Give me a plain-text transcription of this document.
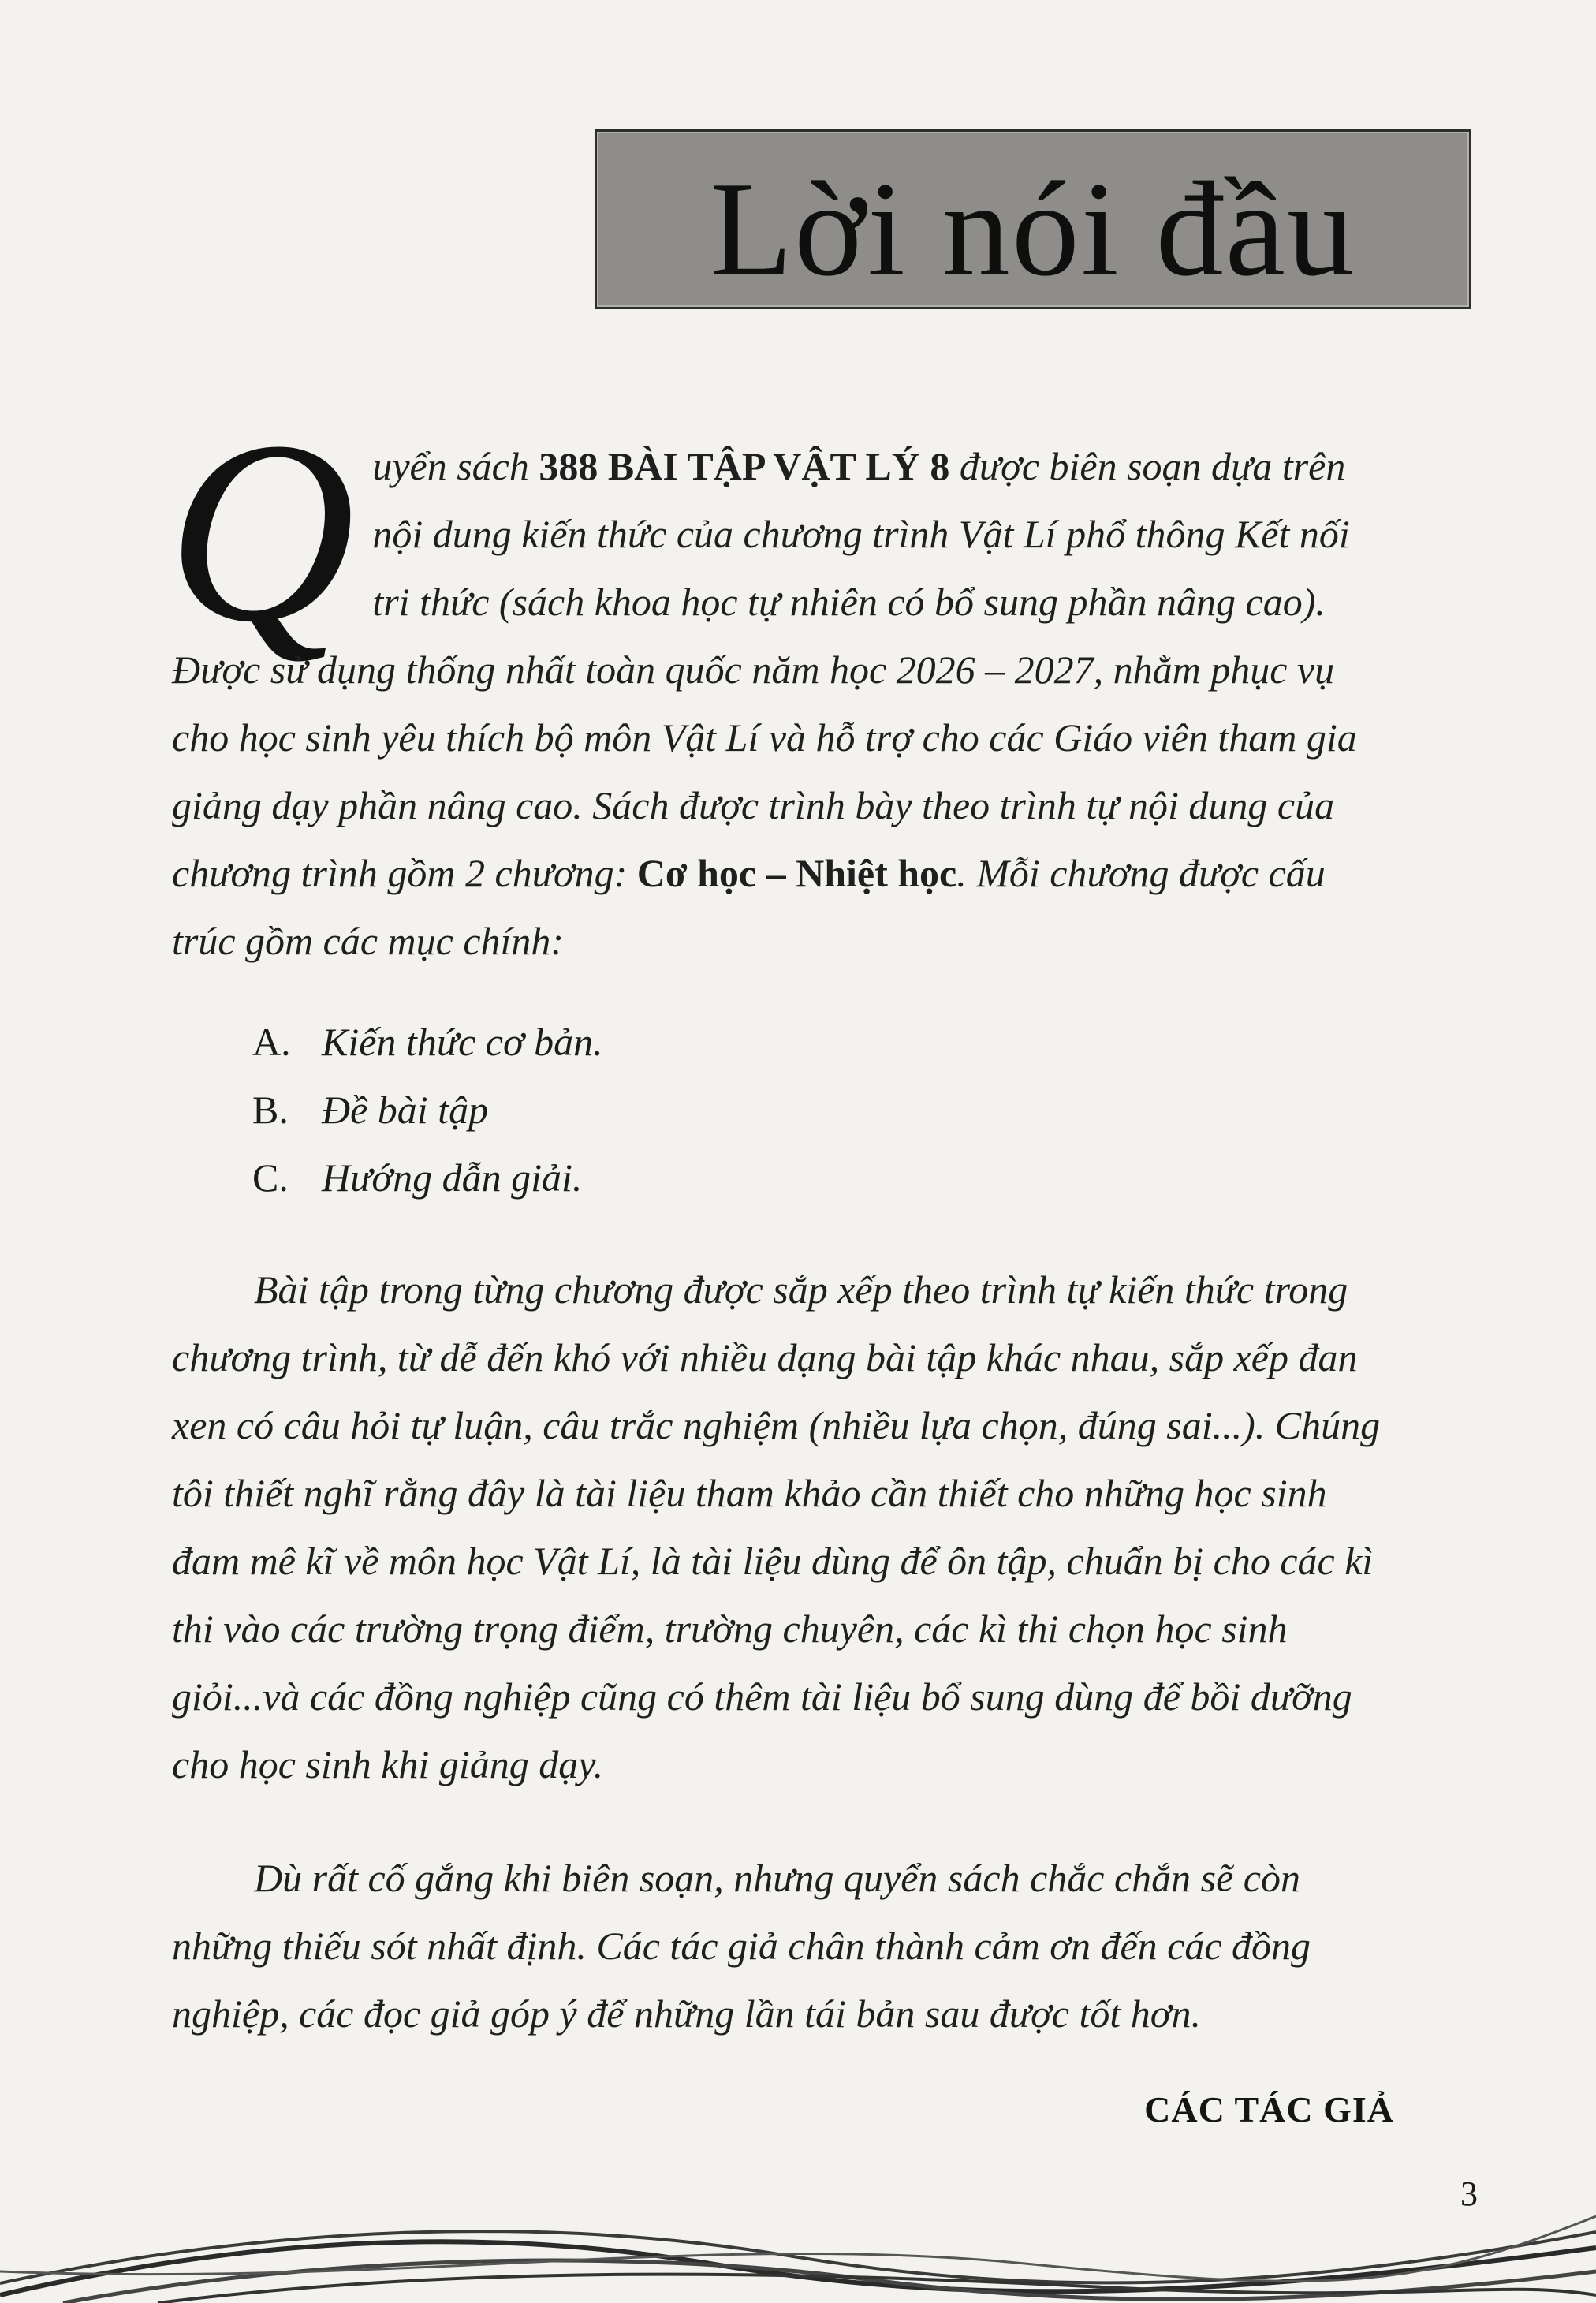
Lời nói đầu
Quyển sách 388 BÀI TẬP VẬT LÝ 8 được biên soạn dựa trên nội dung kiến thức của chương trình Vật Lí phổ thông Kết nối tri thức (sách khoa học tự nhiên có bổ sung phần nâng cao). Được sử dụng thống nhất toàn quốc năm học 2026 – 2027, nhằm phục vụ cho học sinh yêu thích bộ môn Vật Lí và hỗ trợ cho các Giáo viên tham gia giảng dạy phần nâng cao. Sách được trình bày theo trình tự nội dung của chương trình gồm 2 chương: Cơ học – Nhiệt học. Mỗi chương được cấu trúc gồm các mục chính:
A. Kiến thức cơ bản.
B. Đề bài tập
C. Hướng dẫn giải.
Bài tập trong từng chương được sắp xếp theo trình tự kiến thức trong chương trình, từ dễ đến khó với nhiều dạng bài tập khác nhau, sắp xếp đan xen có câu hỏi tự luận, câu trắc nghiệm (nhiều lựa chọn, đúng sai...). Chúng tôi thiết nghĩ rằng đây là tài liệu tham khảo cần thiết cho những học sinh đam mê kĩ về môn học Vật Lí, là tài liệu dùng để ôn tập, chuẩn bị cho các kì thi vào các trường trọng điểm, trường chuyên, các kì thi chọn học sinh giỏi...và các đồng nghiệp cũng có thêm tài liệu bổ sung dùng để bồi dưỡng cho học sinh khi giảng dạy.
Dù rất cố gắng khi biên soạn, nhưng quyển sách chắc chắn sẽ còn những thiếu sót nhất định. Các tác giả chân thành cảm ơn đến các đồng nghiệp, các đọc giả góp ý để những lần tái bản sau được tốt hơn.
CÁC TÁC GIẢ
3
